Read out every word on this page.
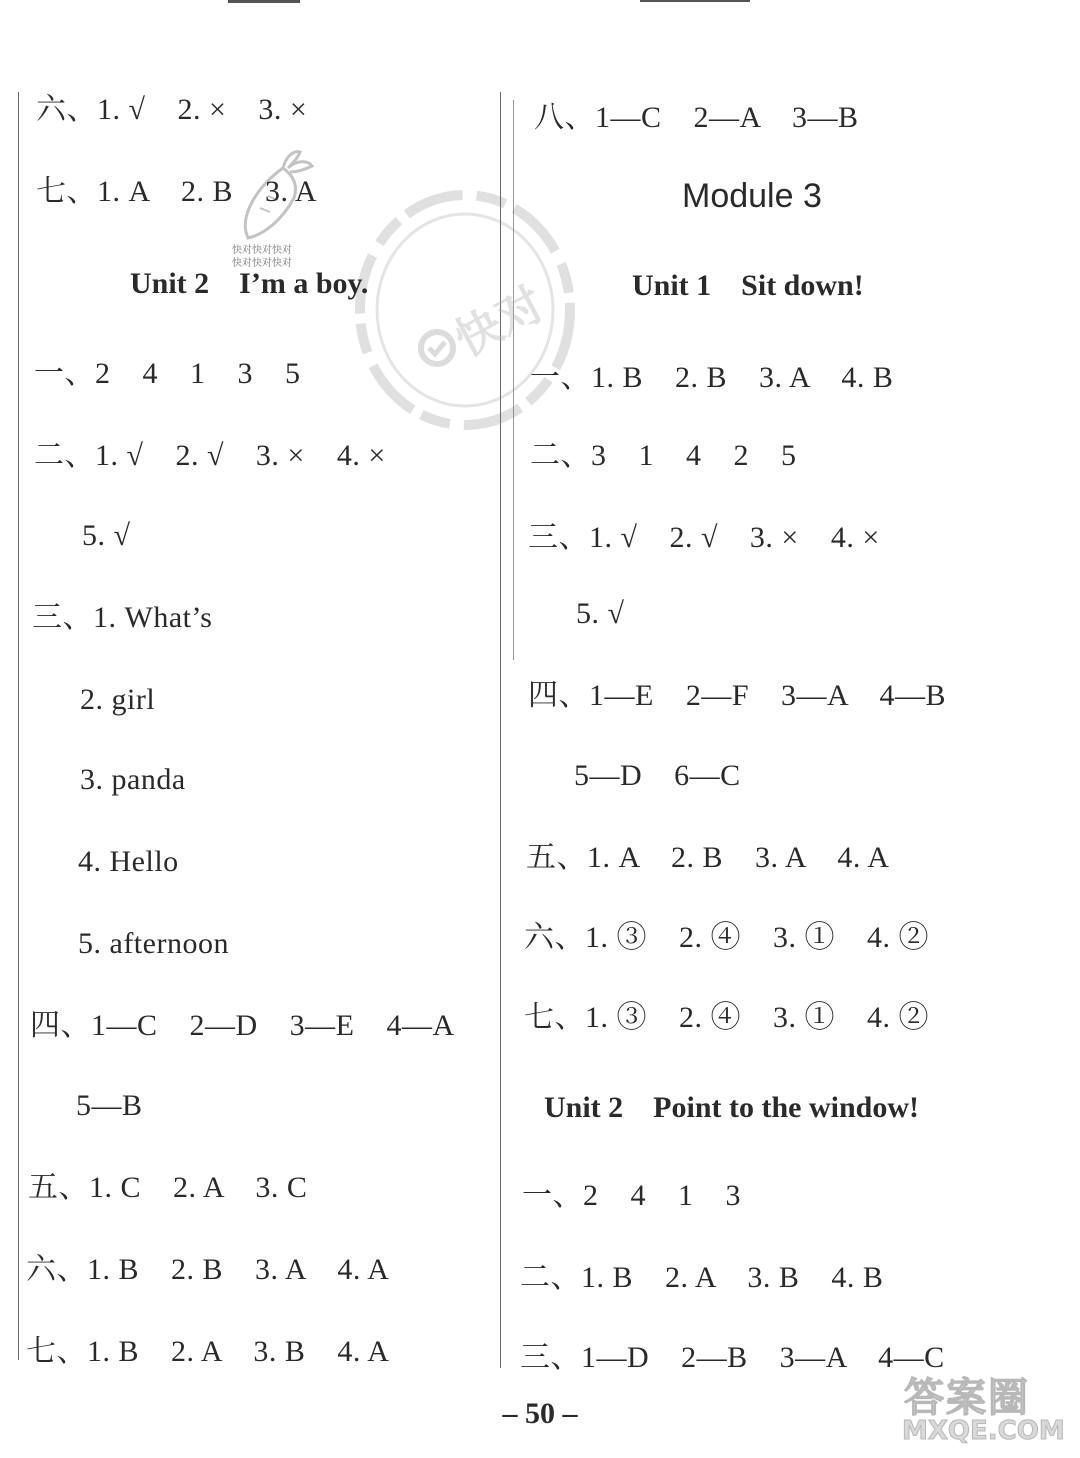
快对
快对快对快对
快对快对快对
六、1. √    2. ×    3. ×
七、1. A    2. B    3. A
Unit 2    I’m a boy.
一、2    4    1    3    5
二、1. √    2. √    3. ×    4. ×
5. √
三、1. What’s
2. girl
3. panda
4. Hello
5. afternoon
四、1—C    2—D    3—E    4—A
5—B
五、1. C    2. A    3. C
六、1. B    2. B    3. A    4. A
七、1. B    2. A    3. B    4. A
八、1—C    2—A    3—B
Module 3
Unit 1    Sit down!
一、1. B    2. B    3. A    4. B
二、3    1    4    2    5
三、1. √    2. √    3. ×    4. ×
5. √
四、1—E    2—F    3—A    4—B
5—D    6—C
五、1. A    2. B    3. A    4. A
六、1. ③    2. ④    3. ①    4. ②
七、1. ③    2. ④    3. ①    4. ②
Unit 2    Point to the window!
一、2    4    1    3
二、1. B    2. A    3. B    4. B
三、1—D    2—B    3—A    4—C
– 50 –	答案圈
MXQE.COM
